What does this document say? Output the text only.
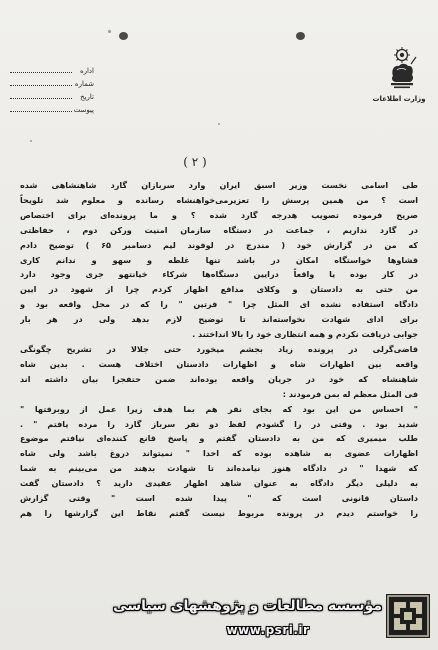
وزارت اطلاعات
اداره
شماره
تاریخ
پیوست
( ۲ )
طی اسامی نخست وزیر اسبق ایران وارد سربازان گارد شاهنشاهی شده
است ؟ من همین پرسش را تعزیرمی‌خواهنشاه رسانده و معلوم شد تلویحاً
صریح فرموده تصویب هدرجه گارد شده ؟ و ما پرونده‌ای برای اختصاص
در گارد نداریم ، جماعت در دستگاه سازمان امنیت ورکن دوم ، حفاظتی
که من در گزارش خود ( مندرج در لوفوند لیم دسامبر ۶۵ ) توضیح دادم
قشاوها خواستگاه امکان در باشد تنها غلطه و سهو و ندانم کاری
در کار بوده یا واقعاً درایین دستگاه‌ها شرکاء خیانتهو جری وجود دارد
من حتی به دادستان و وکلای مدافع اظهار کردم چرا از شهود در ایین
دادگاه استفاده نشده ای المثل چرا " فرتین " را که در محل واقعه بود و
برای ادای شهادت نخواسته‌اند تا توضیح لازم بدهد ولی در هر بار
جوابی دریافت نکردم و همه انتظاری خود را بالا انداختند .
قاضی‌گرلی در پرونده زیاد بجشم میخورد حتی جلالا در تشریح چگونگی
واقعه بین اظهارات شاه و اظهارات دادستان اختلاف هست . بدین شاه
شاهنشاه که خود در جریان واقعه بوده‌اند ضمن حتفجرا بیان داشته اند
فی المثل معظم له بمن فرمودند :
" احساس من این بود که بجای نفر هم بما هدف زیرا عمل از روبرفتها "
شدید بود . وقتی در را گشودم لفظ دو نفر سرباز گارد را مرده یافتم " .
طلب میمیری که من به دادستان گفتم و پاسخ قانع کننده‌ای نیافتم موضوع
اظهارات عضوی به شاهده بوده که احدا " نمیتواند دروغ باشد ولی شاه
که شهدا " در دادگاه هنوز نیامده‌اند تا شهادت بدهند من می‌بینم به شما
به دلیلی دیگر دادگاه به عنوان شاهد اظهار عقیدی دارید ؟ دادستان گفت
داستان قانونی است که " پیدا شده است " وقتی گزارش
را خواستم دیدم در پرونده مربوط نیست گفتم نقاط این گزارشها را هم
مؤسسه مطالعات و پژوهشهای سیاسی
www.psri.ir
